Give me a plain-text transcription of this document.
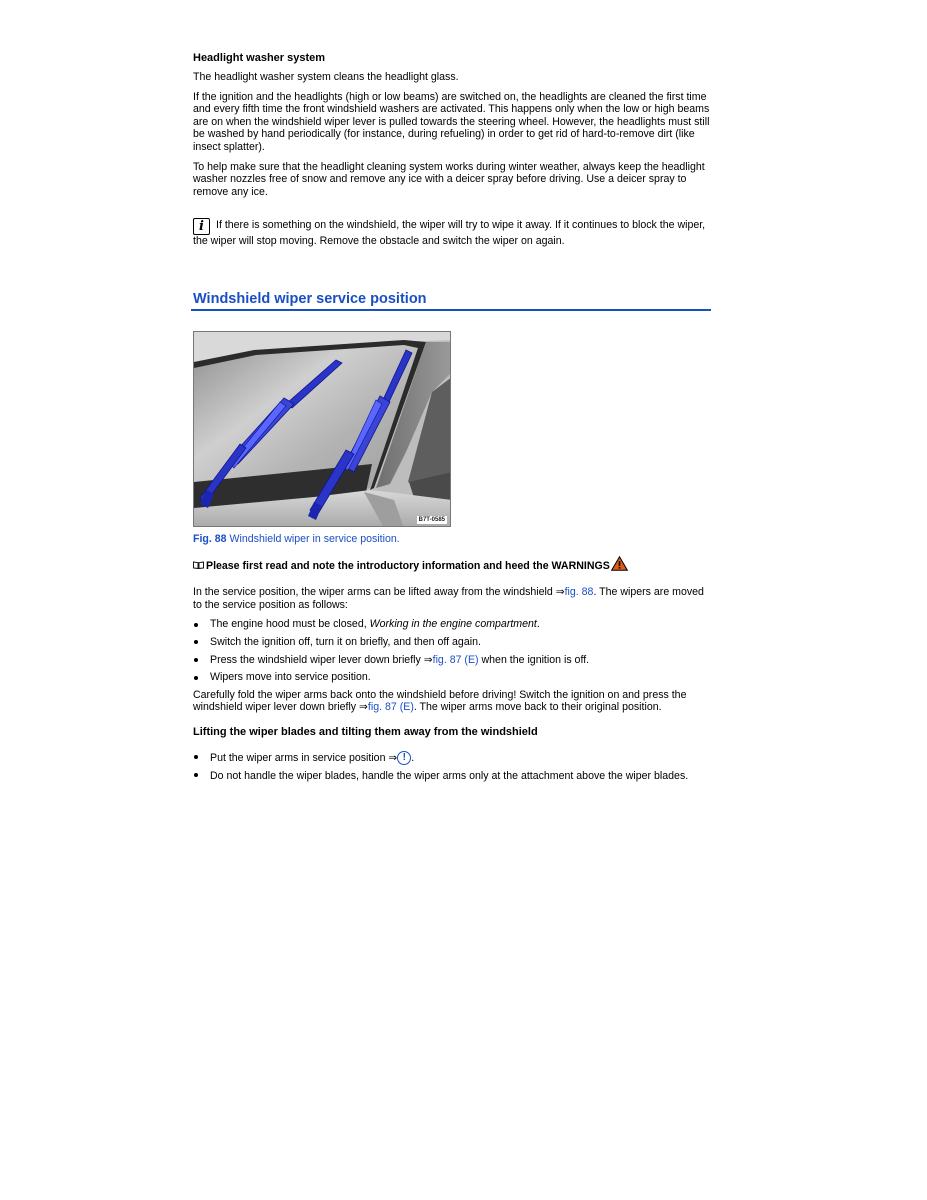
Headlight washer system

The headlight washer system cleans the headlight glass.

If the ignition and the headlights (high or low beams) are switched on, the headlights are cleaned the first time and every fifth time the front windshield washers are activated. This happens only when the low or high beams are on when the windshield wiper lever is pulled towards the steering wheel. However, the headlights must still be washed by hand periodically (for instance, during refueling) in order to get rid of hard-to-remove dirt (like insect splatter).

To help make sure that the headlight cleaning system works during winter weather, always keep the headlight washer nozzles free of snow and remove any ice with a deicer spray before driving. Use a deicer spray to remove any ice.

i If there is something on the windshield, the wiper will try to wipe it away. If it continues to block the wiper, the wiper will stop moving. Remove the obstacle and switch the wiper on again.
Windshield wiper service position
B7T-0585

Fig. 88 Windshield wiper in service position.

Please first read and note the introductory information and heed the WARNINGS

In the service position, the wiper arms can be lifted away from the windshield ⇒fig. 88. The wipers are moved to the service position as follows:

The engine hood must be closed, Working in the engine compartment.
Switch the ignition off, turn it on briefly, and then off again.
Press the windshield wiper lever down briefly ⇒fig. 87 (E) when the ignition is off.
Wipers move into service position.

Carefully fold the wiper arms back onto the windshield before driving! Switch the ignition on and press the windshield wiper lever down briefly ⇒fig. 87 (E). The wiper arms move back to their original position.

Lifting the wiper blades and tilting them away from the windshield
Put the wiper arms in service position ⇒ ! .
Do not handle the wiper blades, handle the wiper arms only at the attachment above the wiper blades.
